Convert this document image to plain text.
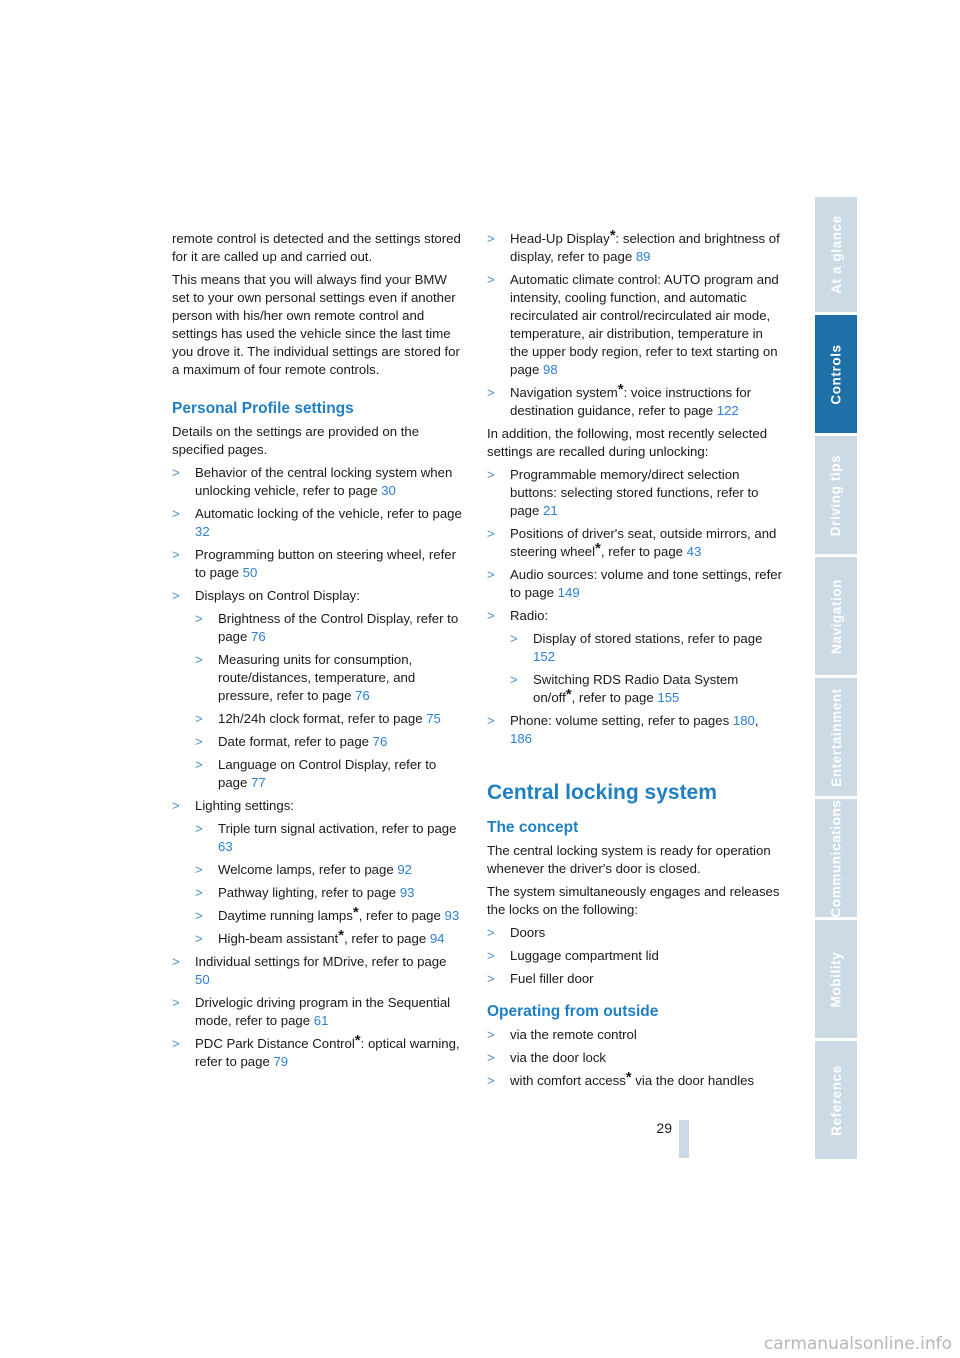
remote control is detected and the settings stored for it are called up and carried out.

This means that you will always find your BMW set to your own personal settings even if another person with his/her own remote control and settings has used the vehicle since the last time you drove it. The individual settings are stored for a maximum of four remote controls.

Personal Profile settings

Details on the settings are provided on the specified pages.

> Behavior of the central locking system when unlocking vehicle, refer to page 30
> Automatic locking of the vehicle, refer to page 32
> Programming button on steering wheel, refer to page 50
> Displays on Control Display:
> Brightness of the Control Display, refer to page 76
> Measuring units for consumption, route/distances, temperature, and pressure, refer to page 76
> 12h/24h clock format, refer to page 75
> Date format, refer to page 76
> Language on Control Display, refer to page 77
> Lighting settings:
> Triple turn signal activation, refer to page 63
> Welcome lamps, refer to page 92
> Pathway lighting, refer to page 93
> Daytime running lamps*, refer to page 93
> High-beam assistant*, refer to page 94
> Individual settings for MDrive, refer to page 50
> Drivelogic driving program in the Sequential mode, refer to page 61
> PDC Park Distance Control*: optical warning, refer to page 79
> Head-Up Display*: selection and brightness of display, refer to page 89
> Automatic climate control: AUTO program and intensity, cooling function, and automatic recirculated air control/recirculated air mode, temperature, air distribution, temperature in the upper body region, refer to text starting on page 98
> Navigation system*: voice instructions for destination guidance, refer to page 122

In addition, the following, most recently selected settings are recalled during unlocking:

> Programmable memory/direct selection buttons: selecting stored functions, refer to page 21
> Positions of driver's seat, outside mirrors, and steering wheel*, refer to page 43
> Audio sources: volume and tone settings, refer to page 149
> Radio:
> Display of stored stations, refer to page 152
> Switching RDS Radio Data System on/off*, refer to page 155
> Phone: volume setting, refer to pages 180, 186
Central locking system
The concept

The central locking system is ready for operation whenever the driver's door is closed.

The system simultaneously engages and releases the locks on the following:

> Doors
> Luggage compartment lid
> Fuel filler door
Operating from outside
> via the remote control
> via the door lock
> with comfort access* via the door handles
At a glance
Controls
Driving tips
Navigation
Entertainment
Communications
Mobility
Reference
29
carmanualsonline.info
